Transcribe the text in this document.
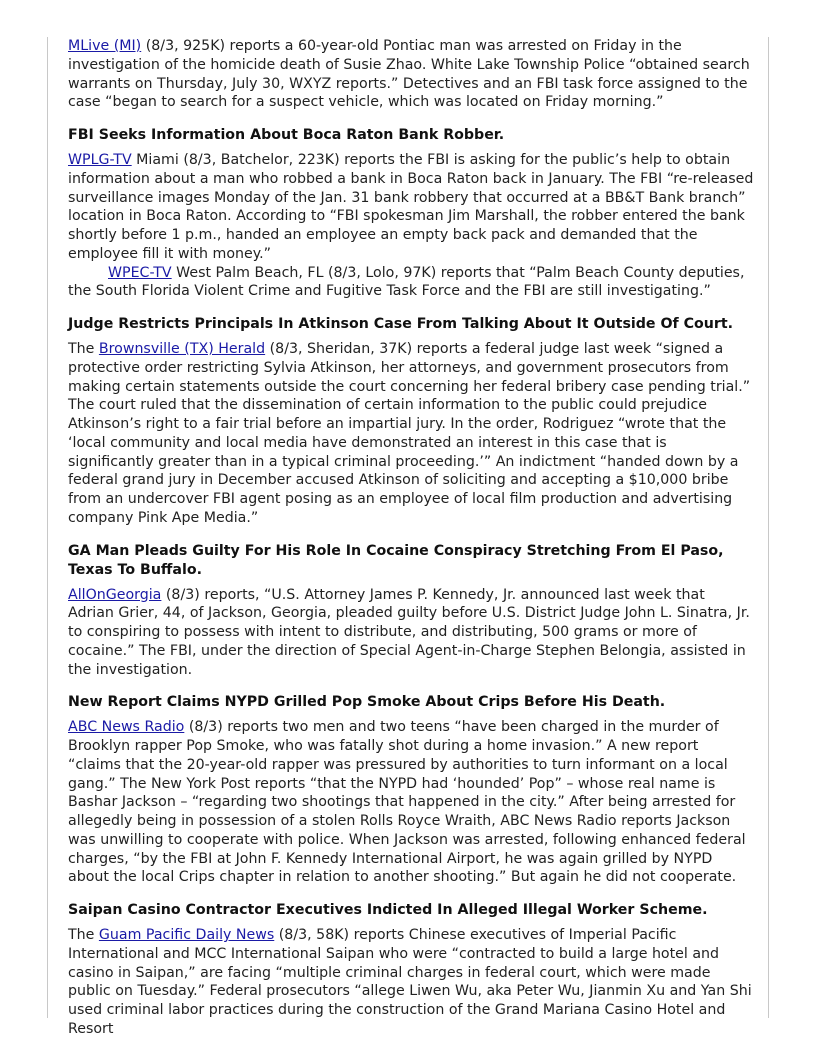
MLive (MI) (8/3, 925K) reports a 60-year-old Pontiac man was arrested on Friday in the investigation of the homicide death of Susie Zhao. White Lake Township Police “obtained search warrants on Thursday, July 30, WXYZ reports.” Detectives and an FBI task force assigned to the case “began to search for a suspect vehicle, which was located on Friday morning.”

FBI Seeks Information About Boca Raton Bank Robber.

WPLG-TV Miami (8/3, Batchelor, 223K) reports the FBI is asking for the public’s help to obtain information about a man who robbed a bank in Boca Raton back in January. The FBI “re-released surveillance images Monday of the Jan. 31 bank robbery that occurred at a BB&T Bank branch” location in Boca Raton. According to “FBI spokesman Jim Marshall, the robber entered the bank shortly before 1 p.m., handed an employee an empty back pack and demanded that the employee fill it with money.”

WPEC-TV West Palm Beach, FL (8/3, Lolo, 97K) reports that “Palm Beach County deputies, the South Florida Violent Crime and Fugitive Task Force and the FBI are still investigating.”

Judge Restricts Principals In Atkinson Case From Talking About It Outside Of Court.

The Brownsville (TX) Herald (8/3, Sheridan, 37K) reports a federal judge last week “signed a protective order restricting Sylvia Atkinson, her attorneys, and government prosecutors from making certain statements outside the court concerning her federal bribery case pending trial.” The court ruled that the dissemination of certain information to the public could prejudice Atkinson’s right to a fair trial before an impartial jury. In the order, Rodriguez “wrote that the ‘local community and local media have demonstrated an interest in this case that is significantly greater than in a typical criminal proceeding.’” An indictment “handed down by a federal grand jury in December accused Atkinson of soliciting and accepting a $10,000 bribe from an undercover FBI agent posing as an employee of local film production and advertising company Pink Ape Media.”

GA Man Pleads Guilty For His Role In Cocaine Conspiracy Stretching From El Paso, Texas To Buffalo.

AllOnGeorgia (8/3) reports, “U.S. Attorney James P. Kennedy, Jr. announced last week that Adrian Grier, 44, of Jackson, Georgia, pleaded guilty before U.S. District Judge John L. Sinatra, Jr. to conspiring to possess with intent to distribute, and distributing, 500 grams or more of cocaine.” The FBI, under the direction of Special Agent-in-Charge Stephen Belongia, assisted in the investigation.

New Report Claims NYPD Grilled Pop Smoke About Crips Before His Death.

ABC News Radio (8/3) reports two men and two teens “have been charged in the murder of Brooklyn rapper Pop Smoke, who was fatally shot during a home invasion.” A new report “claims that the 20-year-old rapper was pressured by authorities to turn informant on a local gang.” The New York Post reports “that the NYPD had ‘hounded’ Pop” – whose real name is Bashar Jackson – “regarding two shootings that happened in the city.” After being arrested for allegedly being in possession of a stolen Rolls Royce Wraith, ABC News Radio reports Jackson was unwilling to cooperate with police. When Jackson was arrested, following enhanced federal charges, “by the FBI at John F. Kennedy International Airport, he was again grilled by NYPD about the local Crips chapter in relation to another shooting.” But again he did not cooperate.

Saipan Casino Contractor Executives Indicted In Alleged Illegal Worker Scheme.

The Guam Pacific Daily News (8/3, 58K) reports Chinese executives of Imperial Pacific International and MCC International Saipan who were “contracted to build a large hotel and casino in Saipan,” are facing “multiple criminal charges in federal court, which were made public on Tuesday.” Federal prosecutors “allege Liwen Wu, aka Peter Wu, Jianmin Xu and Yan Shi used criminal labor practices during the construction of the Grand Mariana Casino Hotel and Resort
